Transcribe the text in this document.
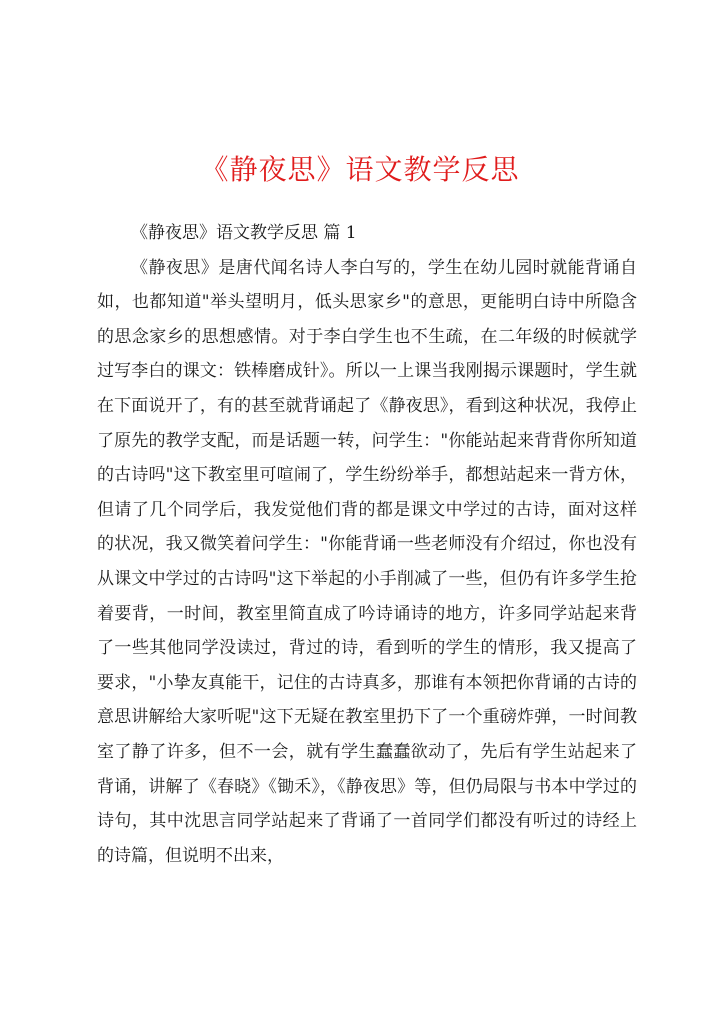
《静夜思》语文教学反思

《静夜思》语文教学反思 篇 1

《静夜思》是唐代闻名诗人李白写的，学生在幼儿园时就能背诵自如，也都知道"举头望明月，低头思家乡"的意思，更能明白诗中所隐含的思念家乡的思想感情。对于李白学生也不生疏，在二年级的时候就学过写李白的课文：铁棒磨成针》。所以一上课当我刚揭示课题时，学生就在下面说开了，有的甚至就背诵起了《静夜思》，看到这种状况，我停止了原先的教学支配，而是话题一转，问学生："你能站起来背背你所知道的古诗吗"这下教室里可喧闹了，学生纷纷举手，都想站起来一背方休，但请了几个同学后，我发觉他们背的都是课文中学过的古诗，面对这样的状况，我又微笑着问学生："你能背诵一些老师没有介绍过，你也没有从课文中学过的古诗吗"这下举起的小手削减了一些，但仍有许多学生抢着要背，一时间，教室里简直成了吟诗诵诗的地方，许多同学站起来背了一些其他同学没读过，背过的诗，看到听的学生的情形，我又提高了要求，"小挚友真能干，记住的古诗真多，那谁有本领把你背诵的古诗的意思讲解给大家听呢"这下无疑在教室里扔下了一个重磅炸弹，一时间教室了静了许多，但不一会，就有学生蠢蠢欲动了，先后有学生站起来了背诵，讲解了《春晓》《锄禾》，《静夜思》等，但仍局限与书本中学过的诗句，其中沈思言同学站起来了背诵了一首同学们都没有听过的诗经上的诗篇，但说明不出来，
